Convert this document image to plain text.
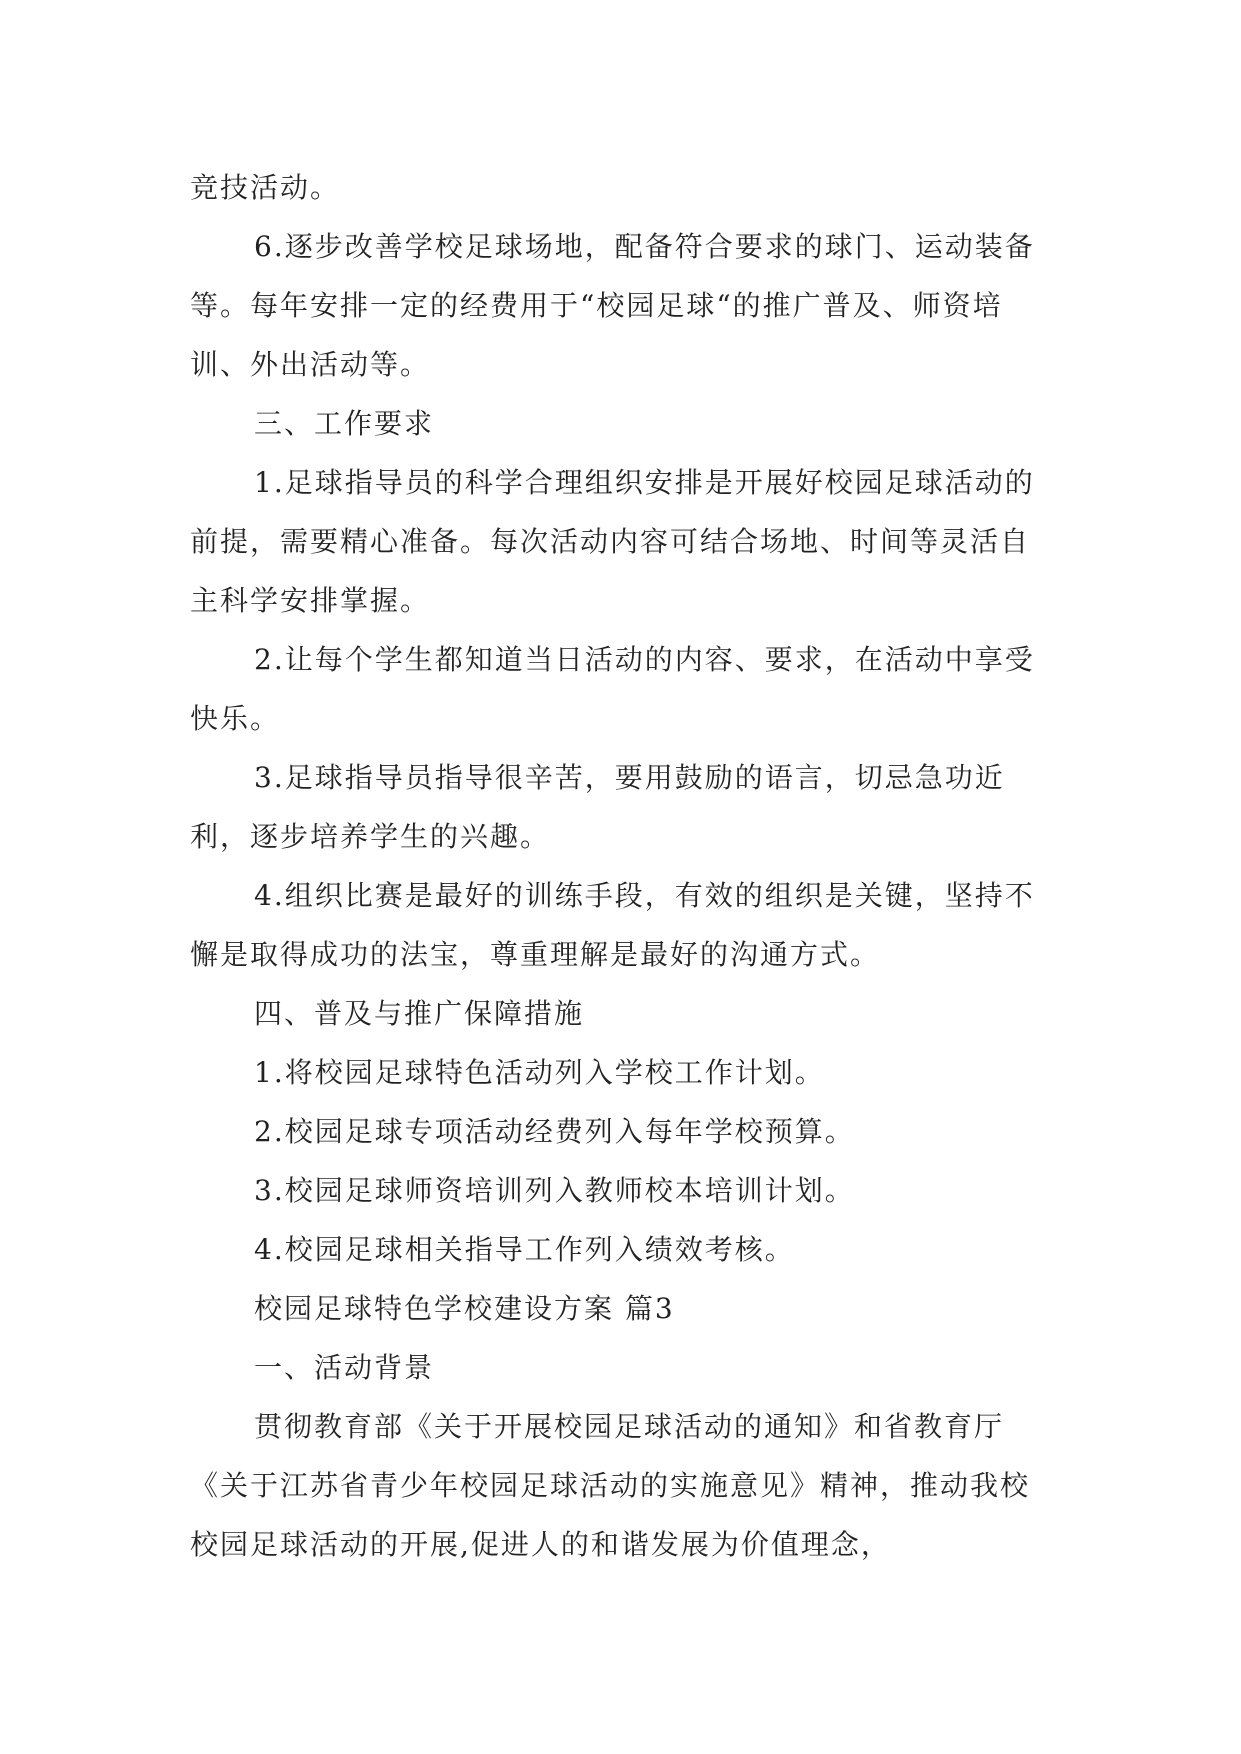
竞技活动。

6.逐步改善学校足球场地，配备符合要求的球门、运动装备等。每年安排一定的经费用于“校园足球“的推广普及、师资培训、外出活动等。

三、工作要求

1.足球指导员的科学合理组织安排是开展好校园足球活动的前提，需要精心准备。每次活动内容可结合场地、时间等灵活自主科学安排掌握。

2.让每个学生都知道当日活动的内容、要求，在活动中享受快乐。

3.足球指导员指导很辛苦，要用鼓励的语言，切忌急功近利，逐步培养学生的兴趣。

4.组织比赛是最好的训练手段，有效的组织是关键，坚持不懈是取得成功的法宝，尊重理解是最好的沟通方式。

四、普及与推广保障措施

1.将校园足球特色活动列入学校工作计划。

2.校园足球专项活动经费列入每年学校预算。

3.校园足球师资培训列入教师校本培训计划。

4.校园足球相关指导工作列入绩效考核。

校园足球特色学校建设方案 篇3

一、活动背景

贯彻教育部《关于开展校园足球活动的通知》和省教育厅《关于江苏省青少年校园足球活动的实施意见》精神，推动我校校园足球活动的开展,促进人的和谐发展为价值理念，
